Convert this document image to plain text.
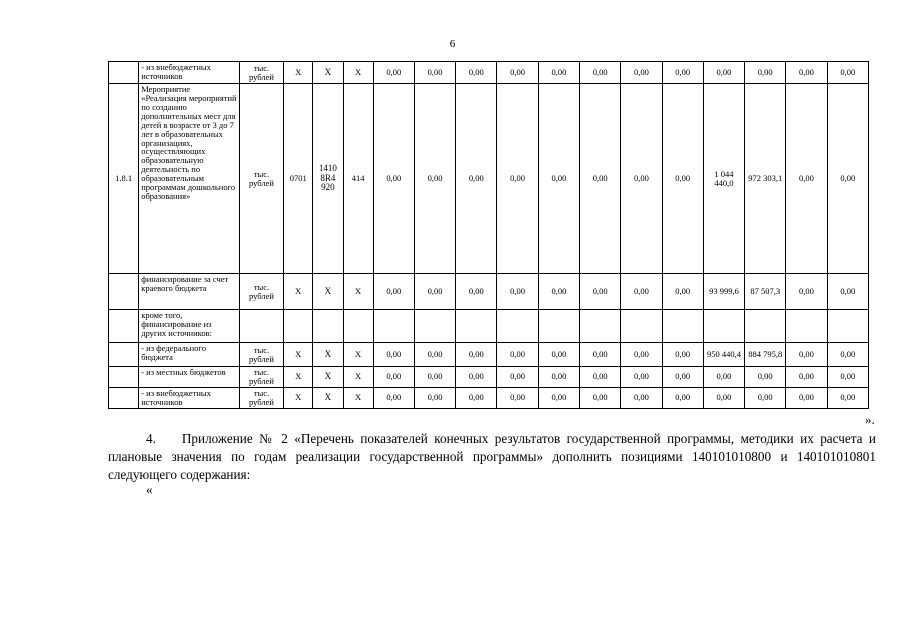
6
	- из внебюджетных источников	тыс. рублей	X	X	X	0,00	0,00	0,00	0,00	0,00	0,00	0,00	0,00	0,00	0,00	0,00	0,00
1.8.1	Мероприятие «Реализация мероприятий по созданию дополнительных мест для детей в возрасте от 3 до 7 лет в образовательных организациях, осуществляющих образовательную деятельность по образовательным программам дошкольного образования»	тыс. рублей	0701	1410 8R4 920	414	0,00	0,00	0,00	0,00	0,00	0,00	0,00	0,00	1 044 440,0	972 303,1	0,00	0,00
	финансирование за счет краевого бюджета	тыс. рублей	X	X	X	0,00	0,00	0,00	0,00	0,00	0,00	0,00	0,00	93 999,6	87 507,3	0,00	0,00
	кроме того, финансирование из других источников:																
	- из федерального бюджета	тыс. рублей	X	X	X	0,00	0,00	0,00	0,00	0,00	0,00	0,00	0,00	950 440,4	884 795,8	0,00	0,00
	- из местных бюджетов	тыс. рублей	X	X	X	0,00	0,00	0,00	0,00	0,00	0,00	0,00	0,00	0,00	0,00	0,00	0,00
	- из внебюджетных источников	тыс. рублей	X	X	X	0,00	0,00	0,00	0,00	0,00	0,00	0,00	0,00	0,00	0,00	0,00	0,00
».
4. Приложение № 2 «Перечень показателей конечных результатов государственной программы, методики их расчета и плановые значения по годам реализации государственной программы» дополнить позициями 140101010800 и 140101010801 следующего содержания:
«
